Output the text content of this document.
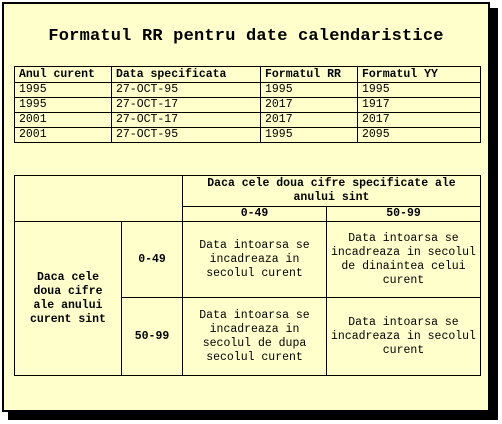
Formatul RR pentru date calendaristice
Anul curent	Data specificata	Formatul RR	Formatul YY
1995	27-OCT-95	1995	1995
1995	27-OCT-17	2017	1917
2001	27-OCT-17	2017	2017
2001	27-OCT-95	1995	2095
		Daca cele doua cifre specificate ale anului sint	
		0-49	50-99
Daca cele doua cifre ale anului curent sint	0-49	Data intoarsa se incadreaza in secolul curent	Data intoarsa se incadreaza in secolul de dinaintea celui curent
	50-99	Data intoarsa se incadreaza in secolul de dupa secolul curent	Data intoarsa se incadreaza in secolul curent
